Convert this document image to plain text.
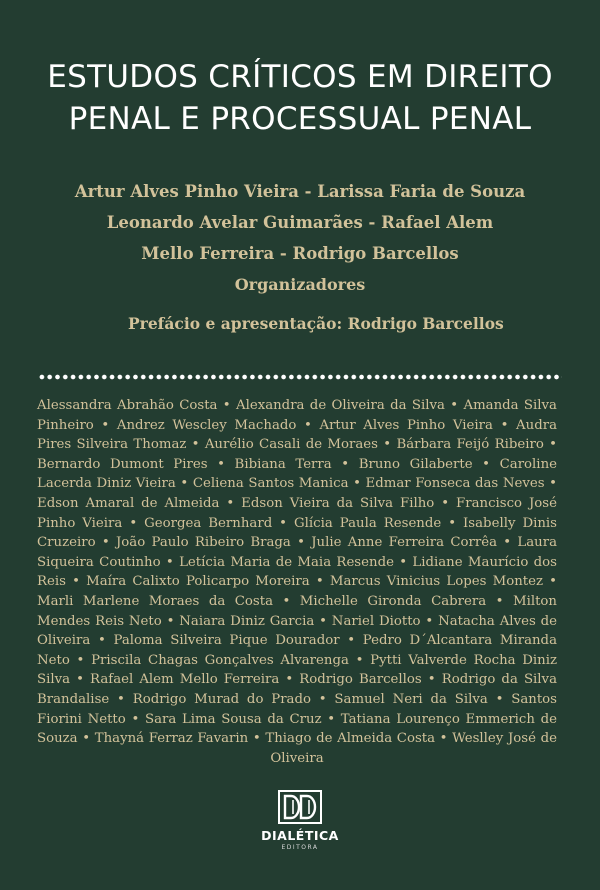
ESTUDOS CRÍTICOS EM DIREITO
PENAL E PROCESSUAL PENAL
Artur Alves Pinho Vieira - Larissa Faria de Souza
Leonardo Avelar Guimarães - Rafael Alem
Mello Ferreira - Rodrigo Barcellos
Organizadores
Prefácio e apresentação: Rodrigo Barcellos
Alessandra Abrahão Costa • Alexandra de Oliveira da Silva • Amanda Silva Pinheiro • Andrez Wescley Machado • Artur Alves Pinho Vieira • Audra Pires Silveira Thomaz • Aurélio Casali de Moraes • Bárbara Feijó Ribeiro • Bernardo Dumont Pires • Bibiana Terra • Bruno Gilaberte • Caroline Lacerda Diniz Vieira • Celiena Santos Manica • Edmar Fonseca das Neves • Edson Amaral de Almeida • Edson Vieira da Silva Filho • Francisco José Pinho Vieira • Georgea Bernhard • Glícia Paula Resende • Isabelly Dinis Cruzeiro • João Paulo Ribeiro Braga • Julie Anne Ferreira Corrêa • Laura Siqueira Coutinho • Letícia Maria de Maia Resende • Lidiane Maurício dos Reis • Maíra Calixto Policarpo Moreira • Marcus Vinicius Lopes Montez • Marli Marlene Moraes da Costa • Michelle Gironda Cabrera • Milton Mendes Reis Neto • Naiara Diniz Garcia • Nariel Diotto • Natacha Alves de Oliveira • Paloma Silveira Pique Dourador • Pedro D´Alcantara Miranda Neto • Priscila Chagas Gonçalves Alvarenga • Pytti Valverde Rocha Diniz Silva • Rafael Alem Mello Ferreira • Rodrigo Barcellos • Rodrigo da Silva Brandalise • Rodrigo Murad do Prado • Samuel Neri da Silva • Santos Fiorini Netto • Sara Lima Sousa da Cruz • Tatiana Lourenço Emmerich de Souza • Thayná Ferraz Favarin • Thiago de Almeida Costa • Weslley José de Oliveira
DIALÉTICA
EDITORA
